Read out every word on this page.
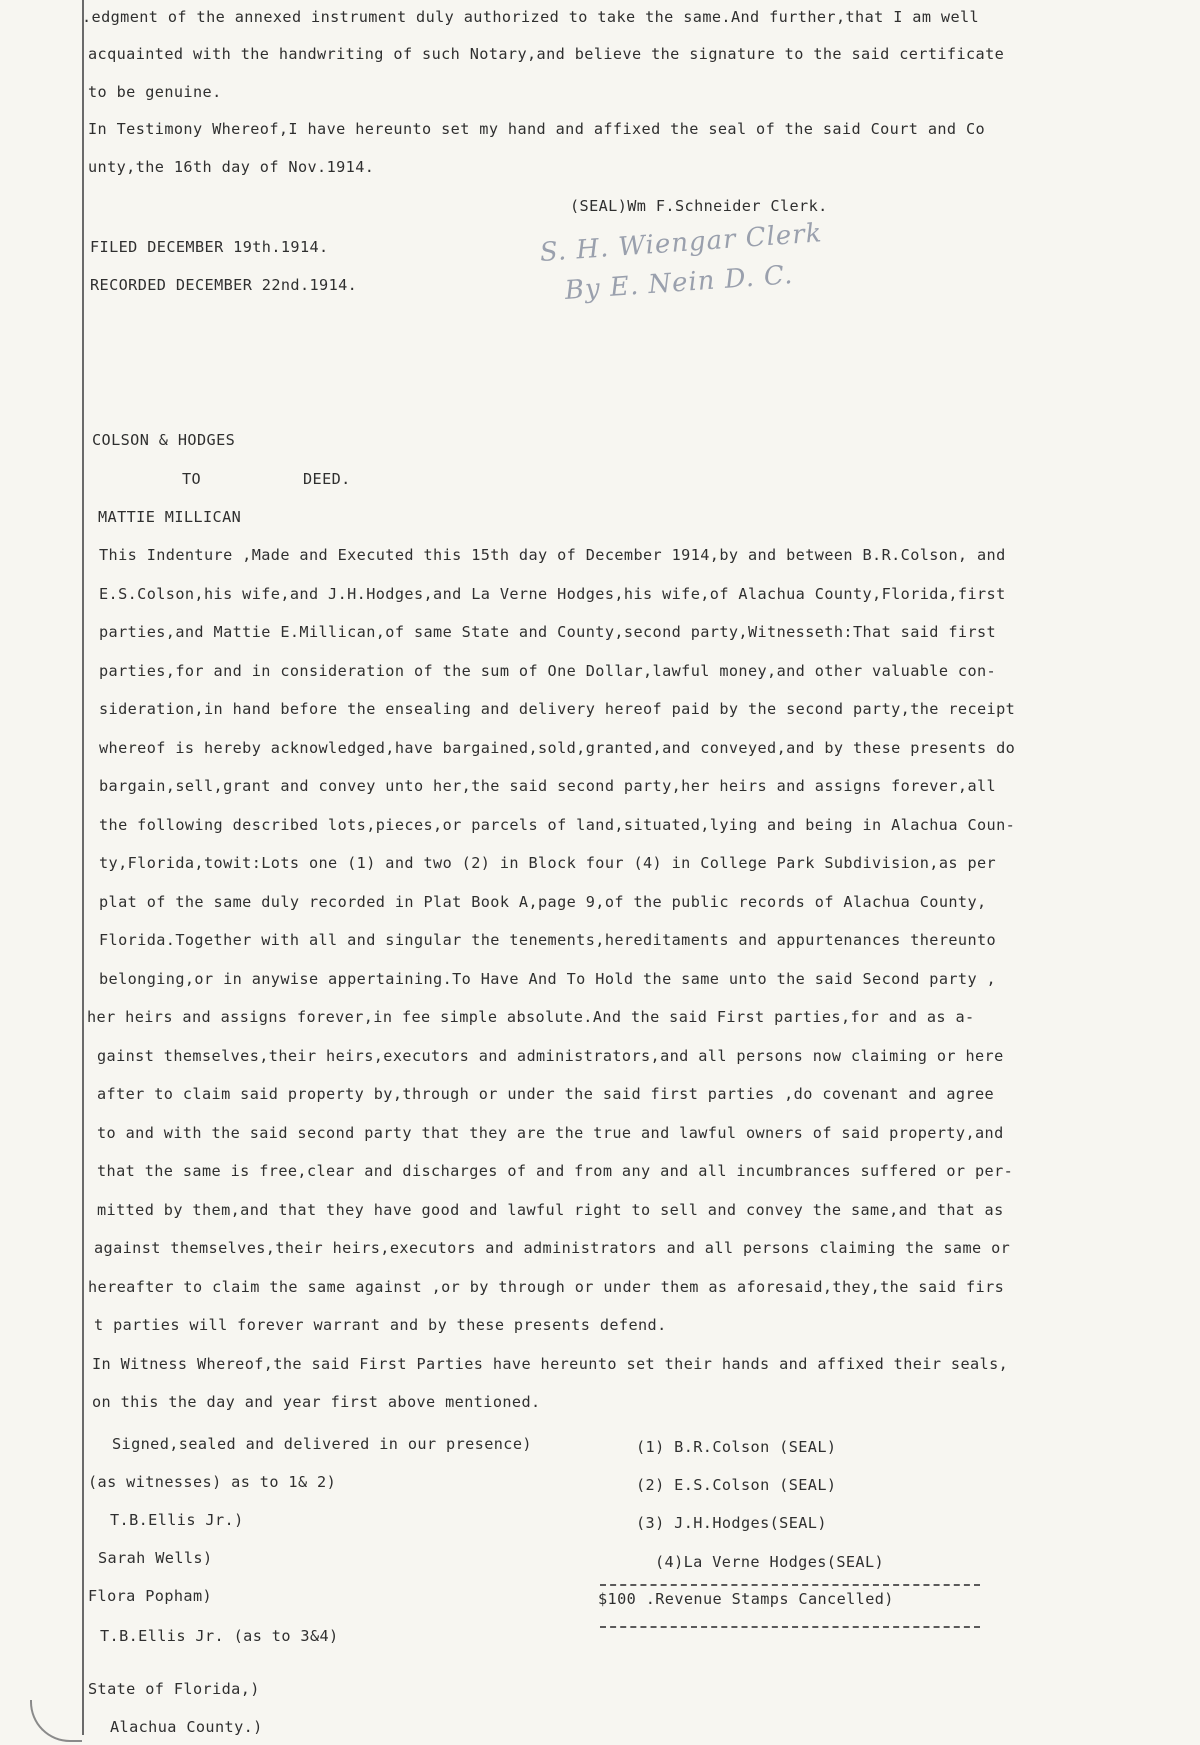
.edgment of the annexed instrument duly authorized to take the same.And further,that I am well
acquainted with the handwriting of such Notary,and believe the signature to the said certificate
to be genuine.
In Testimony Whereof,I have hereunto set my hand and affixed the seal of the said Court and Co
unty,the 16th day of Nov.1914.
(SEAL)Wm F.Schneider Clerk.
FILED DECEMBER 19th.1914.
RECORDED DECEMBER 22nd.1914.
S. H. Wiengar Clerk
By E. Nein D. C.
COLSON & HODGES
TO	DEED.
MATTIE MILLICAN
This Indenture ,Made and Executed this 15th day of December 1914,by and between B.R.Colson, and
E.S.Colson,his wife,and J.H.Hodges,and La Verne Hodges,his wife,of Alachua County,Florida,first
parties,and Mattie E.Millican,of same State and County,second party,Witnesseth:That said first
parties,for and in consideration of the sum of One Dollar,lawful money,and other valuable con-
sideration,in hand before the ensealing and delivery hereof paid by the second party,the receipt
whereof is hereby acknowledged,have bargained,sold,granted,and conveyed,and by these presents do
bargain,sell,grant and convey unto her,the said second party,her heirs and assigns forever,all
the following described lots,pieces,or parcels of land,situated,lying and being in Alachua Coun-
ty,Florida,towit:Lots one (1) and two (2) in Block four (4) in College Park Subdivision,as per
plat of the same duly recorded in Plat Book A,page 9,of the public records of Alachua County,
Florida.Together with all and singular the tenements,hereditaments and appurtenances thereunto
belonging,or in anywise appertaining.To Have And To Hold the same unto the said Second party ,
her heirs and assigns forever,in fee simple absolute.And the said First parties,for and as a-
gainst themselves,their heirs,executors and administrators,and all persons now claiming or here
after to claim said property by,through or under the said first parties ,do covenant and agree
to and with the said second party that they are the true and lawful owners of said property,and
that the same is free,clear and discharges of and from any and all incumbrances suffered or per-
mitted by them,and that they have good and lawful right to sell and convey the same,and that as
against themselves,their heirs,executors and administrators and all persons claiming the same or
hereafter to claim the same against ,or by through or under them as aforesaid,they,the said firs
t parties will forever warrant and by these presents defend.
In Witness Whereof,the said First Parties have hereunto set their hands and affixed their seals,
on this the day and year first above mentioned.
Signed,sealed and delivered in our presence)
(as witnesses) as to 1& 2)
T.B.Ellis Jr.)
Sarah Wells)
Flora Popham)
T.B.Ellis Jr. (as to 3&4)
(1) B.R.Colson (SEAL)
(2) E.S.Colson (SEAL)
(3) J.H.Hodges(SEAL)
(4)La Verne Hodges(SEAL)
$100 .Revenue Stamps Cancelled)
State of Florida,)
Alachua County.)
